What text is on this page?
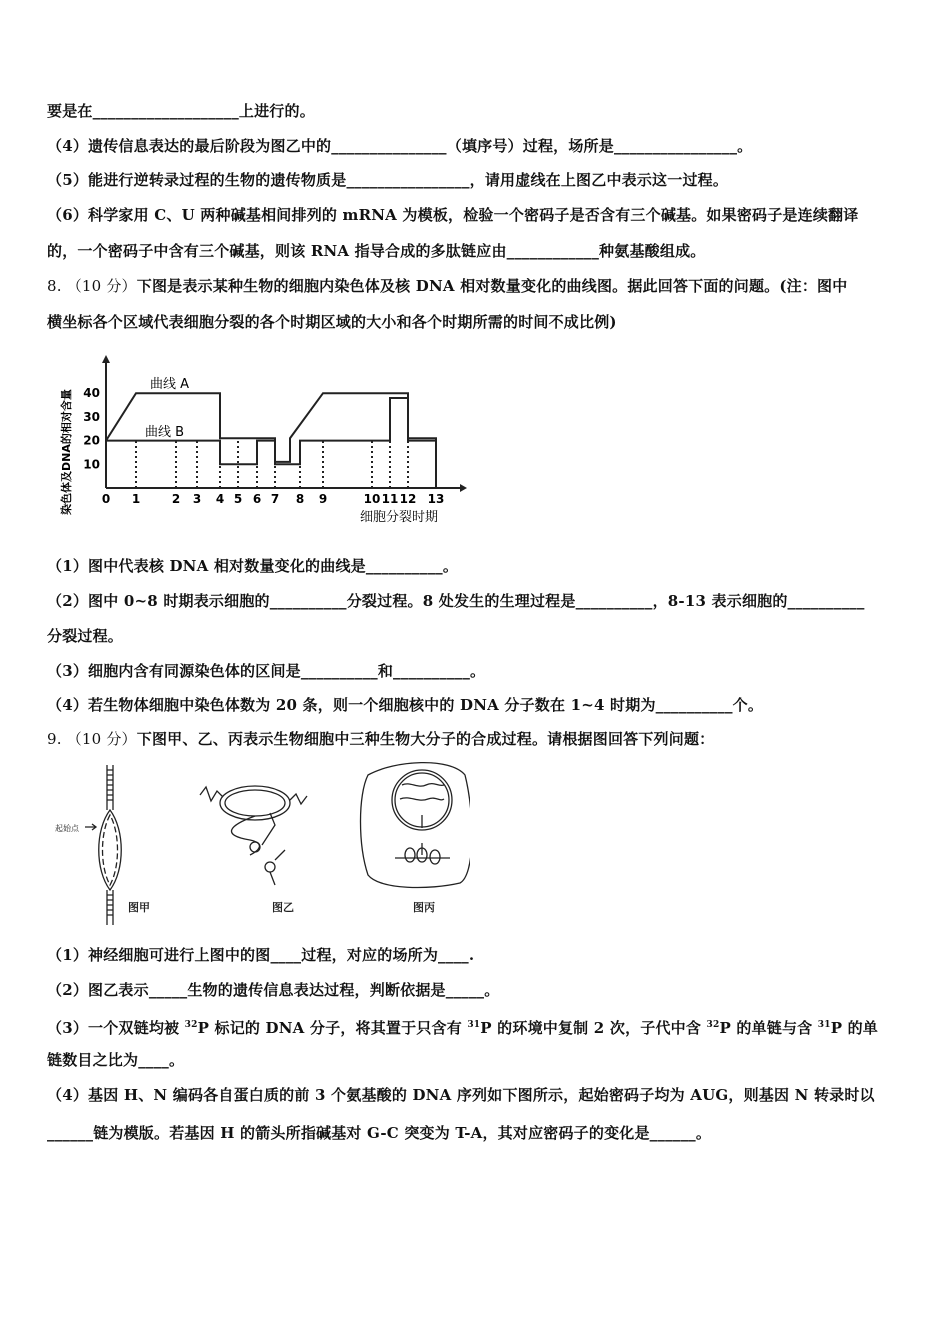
要是在___________________上进行的。
（4）遗传信息表达的最后阶段为图乙中的_______________（填序号）过程，场所是________________。
（5）能进行逆转录过程的生物的遗传物质是________________，请用虚线在上图乙中表示这一过程。
（6）科学家用 C、U 两种碱基相间排列的 mRNA 为模板，检验一个密码子是否含有三个碱基。如果密码子是连续翻译
的，一个密码子中含有三个碱基，则该 RNA 指导合成的多肽链应由____________种氨基酸组成。
8. （10 分）下图是表示某种生物的细胞内染色体及核 DNA 相对数量变化的曲线图。据此回答下面的问题。(注：图中
横坐标各个区域代表细胞分裂的各个时期区域的大小和各个时期所需的时间不成比例)
0 1	2 3 4 5 6 7 8 9	10 11 12 13
10
20
30
40
曲线 A
曲线 B
细胞分裂时期
染色体及DNA的相对含量
（1）图中代表核 DNA 相对数量变化的曲线是__________。
（2）图中 0~8 时期表示细胞的__________分裂过程。8 处发生的生理过程是__________，8-13 表示细胞的__________
分裂过程。
（3）细胞内含有同源染色体的区间是__________和__________。
（4）若生物体细胞中染色体数为 20 条，则一个细胞核中的 DNA 分子数在 1~4 时期为__________个。
9. （10 分）下图甲、乙、丙表示生物细胞中三种生物大分子的合成过程。请根据图回答下列问题：
起始点
图甲	图乙	图丙
（1）神经细胞可进行上图中的图____过程，对应的场所为____.
（2）图乙表示_____生物的遗传信息表达过程，判断依据是_____。
（3）一个双链均被 $^{32}$P 标记的 DNA 分子，将其置于只含有 $^{31}$P 的环境中复制 2 次，子代中含 $^{32}$P 的单链与含 $^{31}$P 的单
链数目之比为____。
（4）基因 H、N 编码各自蛋白质的前 3 个氨基酸的 DNA 序列如下图所示，起始密码子均为 AUG，则基因 N 转录时以
______链为模版。若基因 H 的箭头所指碱基对 G-C 突变为 T-A，其对应密码子的变化是______。
